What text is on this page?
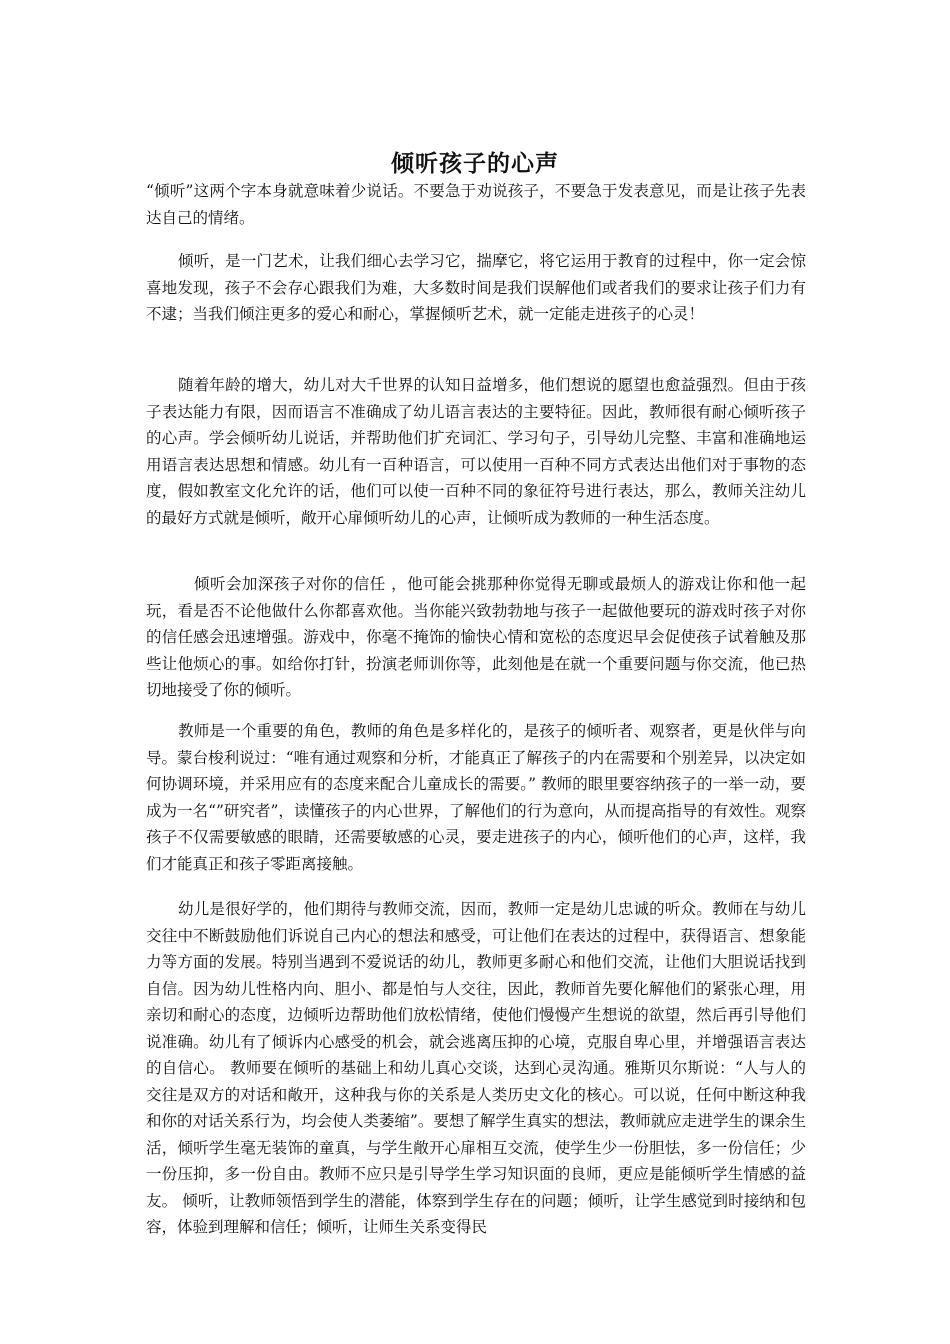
倾听孩子的心声

“倾听”这两个字本身就意味着少说话。不要急于劝说孩子，不要急于发表意见，而是让孩子先表达自己的情绪。

倾听，是一门艺术，让我们细心去学习它，揣摩它，将它运用于教育的过程中，你一定会惊喜地发现，孩子不会存心跟我们为难，大多数时间是我们误解他们或者我们的要求让孩子们力有不逮；当我们倾注更多的爱心和耐心，掌握倾听艺术，就一定能走进孩子的心灵！

随着年龄的增大，幼儿对大千世界的认知日益增多，他们想说的愿望也愈益强烈。但由于孩子表达能力有限，因而语言不准确成了幼儿语言表达的主要特征。因此，教师很有耐心倾听孩子的心声。学会倾听幼儿说话，并帮助他们扩充词汇、学习句子，引导幼儿完整、丰富和准确地运用语言表达思想和情感。幼儿有一百种语言，可以使用一百种不同方式表达出他们对于事物的态度，假如教室文化允许的话，他们可以使一百种不同的象征符号进行表达，那么，教师关注幼儿的最好方式就是倾听，敞开心扉倾听幼儿的心声，让倾听成为教师的一种生活态度。

倾听会加深孩子对你的信任 ，他可能会挑那种你觉得无聊或最烦人的游戏让你和他一起玩，看是否不论他做什么你都喜欢他。当你能兴致勃勃地与孩子一起做他要玩的游戏时孩子对你的信任感会迅速增强。游戏中，你毫不掩饰的愉快心情和宽松的态度迟早会促使孩子试着触及那些让他烦心的事。如给你打针，扮演老师训你等，此刻他是在就一个重要问题与你交流，他已热切地接受了你的倾听。

教师是一个重要的角色，教师的角色是多样化的，是孩子的倾听者、观察者，更是伙伴与向导。蒙台梭利说过：“唯有通过观察和分析，才能真正了解孩子的内在需要和个别差异，以决定如何协调环境，并采用应有的态度来配合儿童成长的需要。” 教师的眼里要容纳孩子的一举一动，要成为一名“”研究者”，读懂孩子的内心世界，了解他们的行为意向，从而提高指导的有效性。观察孩子不仅需要敏感的眼睛，还需要敏感的心灵，要走进孩子的内心，倾听他们的心声，这样，我们才能真正和孩子零距离接触。

幼儿是很好学的，他们期待与教师交流，因而，教师一定是幼儿忠诚的听众。教师在与幼儿交往中不断鼓励他们诉说自己内心的想法和感受，可让他们在表达的过程中，获得语言、想象能力等方面的发展。特别当遇到不爱说话的幼儿，教师更多耐心和他们交流，让他们大胆说话找到自信。因为幼儿性格内向、胆小、都是怕与人交往，因此，教师首先要化解他们的紧张心理，用亲切和耐心的态度，边倾听边帮助他们放松情绪，使他们慢慢产生想说的欲望，然后再引导他们说准确。幼儿有了倾诉内心感受的机会，就会逃离压抑的心境，克服自卑心里，并增强语言表达的自信心。 教师要在倾听的基础上和幼儿真心交谈，达到心灵沟通。雅斯贝尔斯说：“人与人的交往是双方的对话和敞开，这种我与你的关系是人类历史文化的核心。可以说，任何中断这种我和你的对话关系行为，均会使人类萎缩”。要想了解学生真实的想法，教师就应走进学生的课余生活，倾听学生毫无装饰的童真，与学生敞开心扉相互交流，使学生少一份胆怯，多一份信任；少一份压抑，多一份自由。教师不应只是引导学生学习知识面的良师，更应是能倾听学生情感的益友。 倾听，让教师领悟到学生的潜能，体察到学生存在的问题；倾听，让学生感觉到时接纳和包容，体验到理解和信任；倾听，让师生关系变得民
